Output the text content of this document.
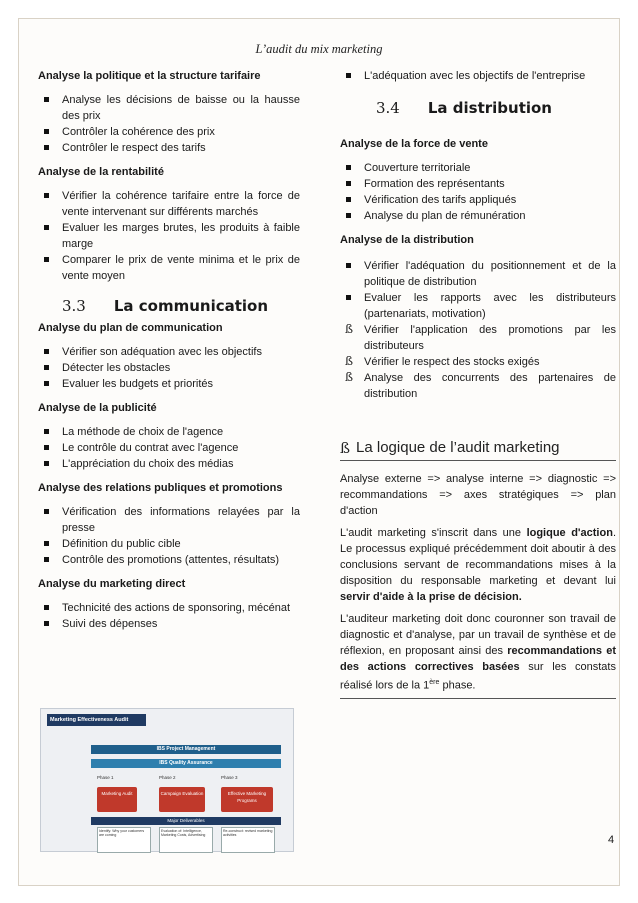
L’audit du mix marketing

Analyse la politique et la structure tarifaire

Analyse les décisions de baisse ou la hausse des prix
Contrôler la cohérence des prix
Contrôler le respect des tarifs

Analyse de la rentabilité

Vérifier la cohérence tarifaire entre la force de vente intervenant sur différents marchés
Evaluer les marges brutes, les produits à faible marge
Comparer le prix de vente minima et le prix de vente moyen
3.3 La communication

Analyse du plan de communication

Vérifier son adéquation avec les objectifs
Détecter les obstacles
Evaluer les budgets et priorités

Analyse de la publicité

La méthode de choix de l'agence
Le contrôle du contrat avec l'agence
L'appréciation du choix des médias

Analyse des relations publiques et promotions

Vérification des informations relayées par la presse
Définition du public cible
Contrôle des promotions (attentes, résultats)

Analyse du marketing direct

Technicité des actions de sponsoring, mécénat
Suivi des dépenses
Marketing Effectiveness Audit
IBS Project Management
IBS Quality Assurance
Phase 1	Phase 2	Phase 3
Marketing Audit	Campaign Evaluation	Effective Marketing Programs
Major Deliverables
Identify: Why your customers are coming
Evaluation of: Intelligence, Marketing Costs, Advertising
Re-construct: revised marketing activities
L'adéquation avec les objectifs de l'entreprise
3.4 La distribution

Analyse de la force de vente

Couverture territoriale
Formation des représentants
Vérification des tarifs appliqués
Analyse du plan de rémunération

Analyse de la distribution

Vérifier l'adéquation du positionnement et de la politique de distribution
Evaluer les rapports avec les distributeurs (partenariats, motivation)
ß Vérifier l'application des promotions par les distributeurs
ß Vérifier le respect des stocks exigés
ß Analyse des concurrents des partenaires de distribution
ß La logique de l’audit marketing

Analyse externe => analyse interne => diagnostic => recommandations => axes stratégiques => plan d'action

L'audit marketing s'inscrit dans une logique d'action. Le processus expliqué précédemment doit aboutir à des conclusions servant de recommandations mises à la disposition du responsable marketing et devant lui servir d'aide à la prise de décision.

L'auditeur marketing doit donc couronner son travail de diagnostic et d'analyse, par un travail de synthèse et de réflexion, en proposant ainsi des recommandations et des actions correctives basées sur les constats réalisé lors de la 1ère phase.

4
